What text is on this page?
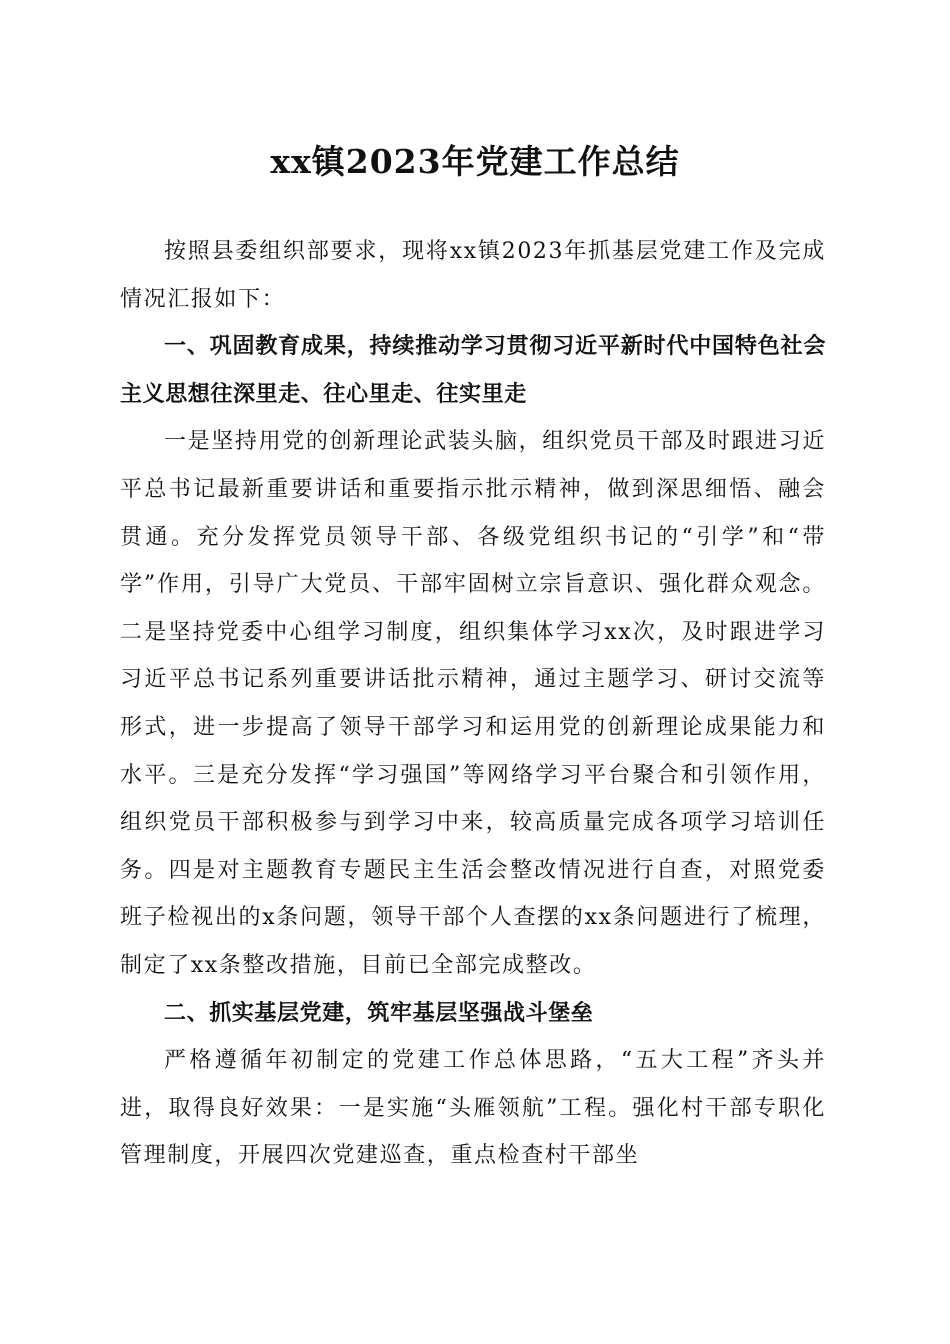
xx镇2023年党建工作总结

按照县委组织部要求，现将xx镇2023年抓基层党建工作及完成情况汇报如下：

一、巩固教育成果，持续推动学习贯彻习近平新时代中国特色社会主义思想往深里走、往心里走、往实里走

一是坚持用党的创新理论武装头脑，组织党员干部及时跟进习近平总书记最新重要讲话和重要指示批示精神，做到深思细悟、融会贯通。充分发挥党员领导干部、各级党组织书记的“引学”和“带学”作用，引导广大党员、干部牢固树立宗旨意识、强化群众观念。二是坚持党委中心组学习制度，组织集体学习xx次，及时跟进学习习近平总书记系列重要讲话批示精神，通过主题学习、研讨交流等形式，进一步提高了领导干部学习和运用党的创新理论成果能力和水平。三是充分发挥“学习强国”等网络学习平台聚合和引领作用，组织党员干部积极参与到学习中来，较高质量完成各项学习培训任务。四是对主题教育专题民主生活会整改情况进行自查，对照党委班子检视出的x条问题，领导干部个人查摆的xx条问题进行了梳理，制定了xx条整改措施，目前已全部完成整改。

二、抓实基层党建，筑牢基层坚强战斗堡垒

严格遵循年初制定的党建工作总体思路，“五大工程”齐头并进，取得良好效果：一是实施“头雁领航”工程。强化村干部专职化管理制度，开展四次党建巡查，重点检查村干部坐
